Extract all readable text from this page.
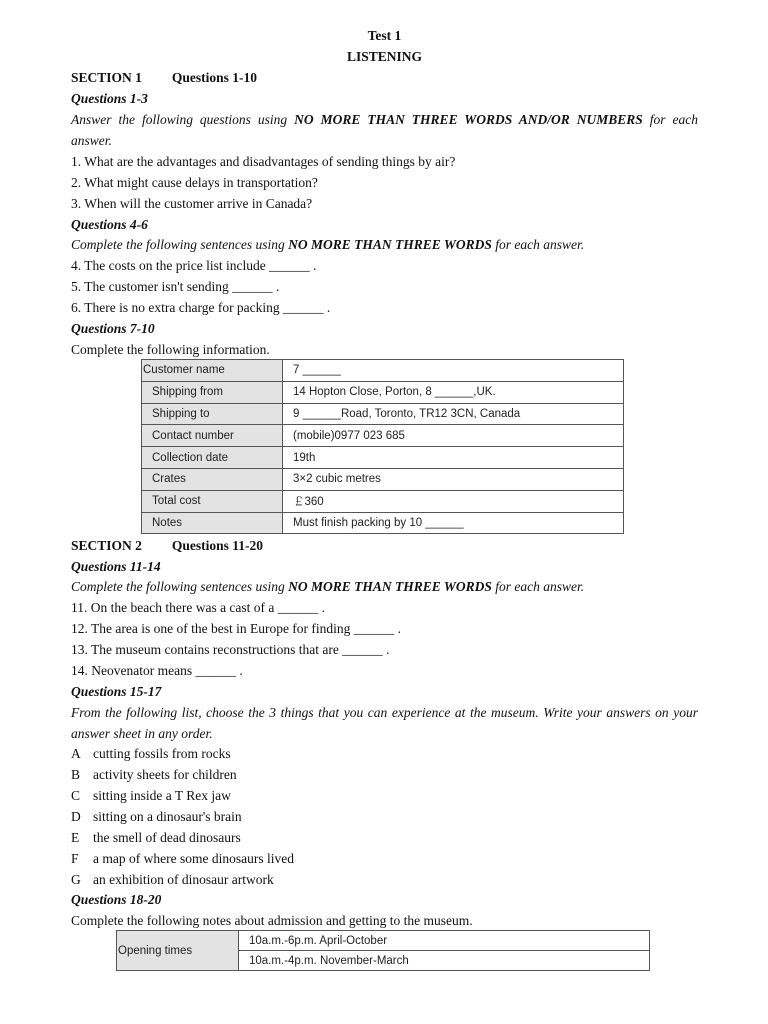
Test 1
LISTENING
SECTION 1 Questions 1-10
Questions 1-3
Answer the following questions using NO MORE THAN THREE WORDS AND/OR NUMBERS for each
answer.
1. What are the advantages and disadvantages of sending things by air?
2. What might cause delays in transportation?
3. When will the customer arrive in Canada?
Questions 4-6
Complete the following sentences using NO MORE THAN THREE WORDS for each answer.
4. The costs on the price list include ______ .
5. The customer isn't sending ______ .
6. There is no extra charge for packing ______ .
Questions 7-10
Complete the following information.
Customer name	7 ______
Shipping from	14 Hopton Close, Porton, 8 ______,UK.
Shipping to	9 ______Road, Toronto, TR12 3CN, Canada
Contact number	(mobile)0977 023 685
Collection date	19th
Crates	3×2 cubic metres
Total cost	￡360
Notes	Must finish packing by 10 ______
SECTION 2 Questions 11-20
Questions 11-14
Complete the following sentences using NO MORE THAN THREE WORDS for each answer.
11. On the beach there was a cast of a ______ .
12. The area is one of the best in Europe for finding ______ .
13. The museum contains reconstructions that are ______ .
14. Neovenator means ______ .
Questions 15-17
From the following list, choose the 3 things that you can experience at the museum. Write your answers on your
answer sheet in any order.
A cutting fossils from rocks
B activity sheets for children
C sitting inside a T Rex jaw
D sitting on a dinosaur's brain
E the smell of dead dinosaurs
F a map of where some dinosaurs lived
G an exhibition of dinosaur artwork
Questions 18-20
Complete the following notes about admission and getting to the museum.
Opening times	10a.m.-6p.m. April-October
10a.m.-4p.m. November-March
